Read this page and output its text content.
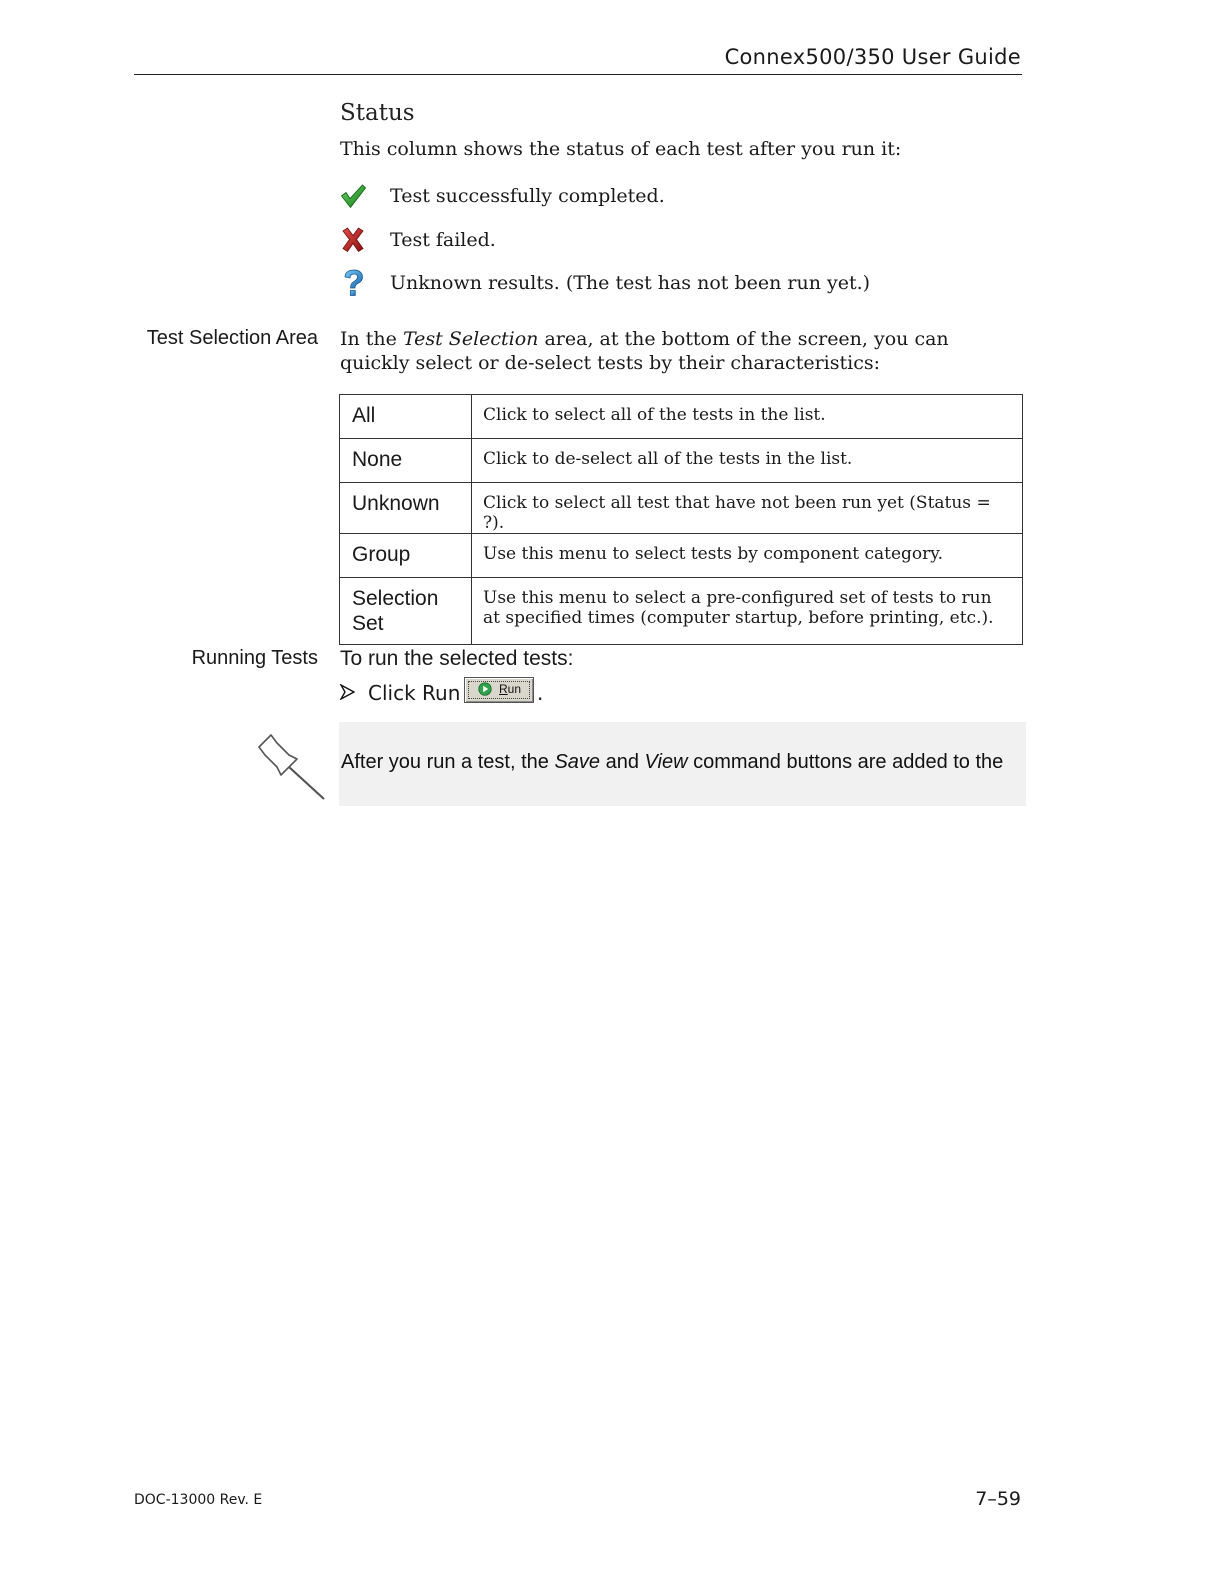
Connex500/350 User Guide
Status
This column shows the status of each test after you run it:
Test successfully completed.
Test failed.
Unknown results. (The test has not been run yet.)
Test Selection Area In the Test Selection area, at the bottom of the screen, you can quickly select or de-select tests by their characteristics:
All	Click to select all of the tests in the list.
None	Click to de-select all of the tests in the list.
Unknown	Click to select all test that have not been run yet (Status = ?).
Group	Use this menu to select tests by component category.
Selection Set	Use this menu to select a pre-configured set of tests to run at specified times (computer startup, before printing, etc.).
Running Tests To run the selected tests:
Click Run	Run .
After you run a test, the Save and View command buttons are added to the
DOC-13000 Rev. E	7–59
